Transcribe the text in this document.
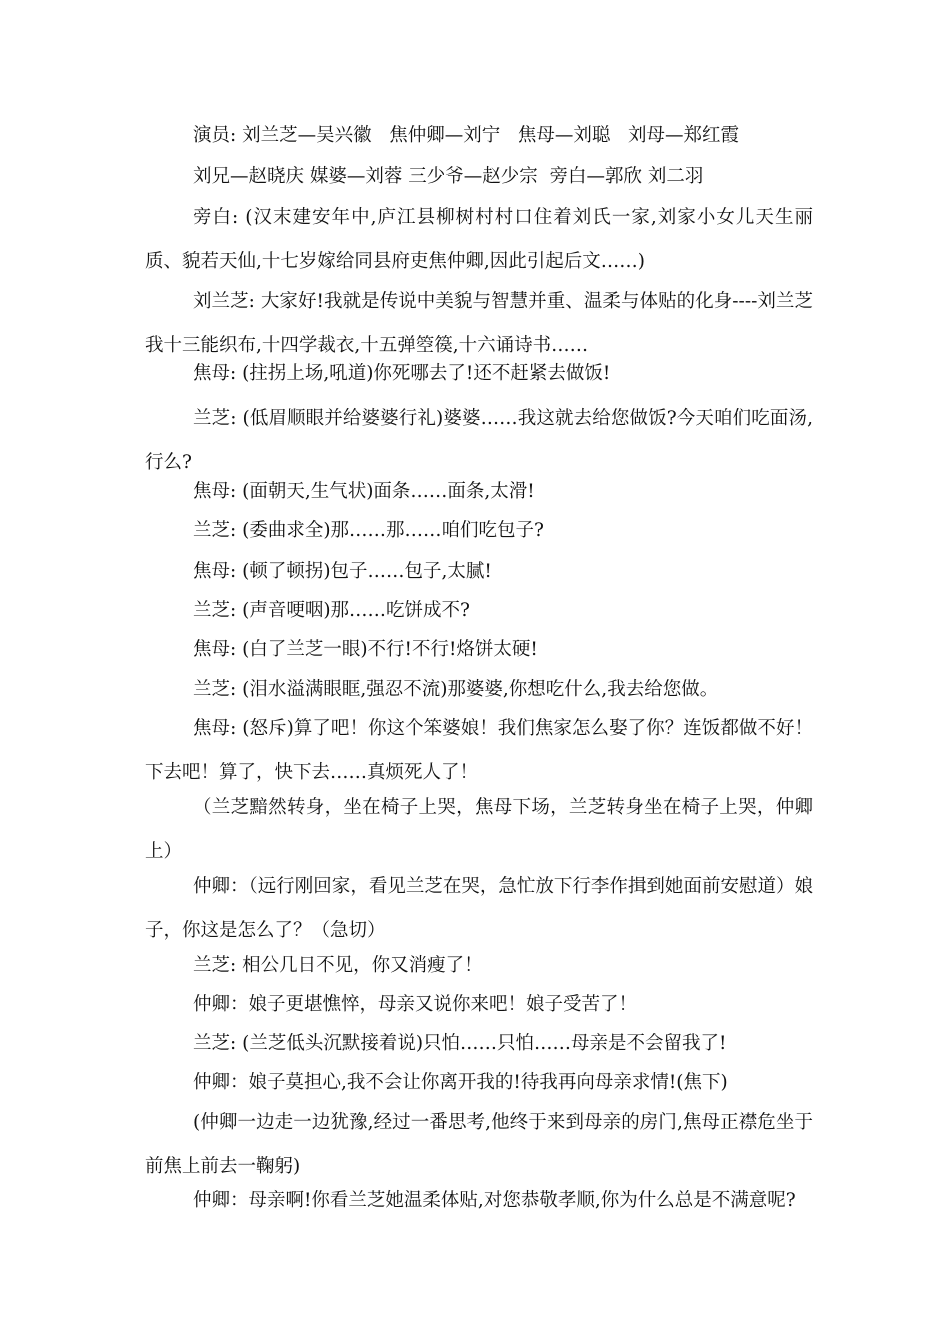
演员: 刘兰芝—吴兴徽   焦仲卿—刘宁   焦母—刘聪   刘母—郑红霞

刘兄—赵晓庆 媒婆—刘蓉 三少爷—赵少宗  旁白—郭欣 刘二羽

旁白: (汉末建安年中,庐江县柳树村村口住着刘氏一家,刘家小女儿天生丽质、貌若天仙,十七岁嫁给同县府吏焦仲卿,因此引起后文……)

刘兰芝: 大家好!我就是传说中美貌与智慧并重、温柔与体贴的化身----刘兰芝我十三能织布,十四学裁衣,十五弹箜篌,十六诵诗书……

焦母: (拄拐上场,吼道)你死哪去了!还不赶紧去做饭!

兰芝: (低眉顺眼并给婆婆行礼)婆婆……我这就去给您做饭?今天咱们吃面汤,行么?

焦母: (面朝天,生气状)面条……面条,太滑!

兰芝: (委曲求全)那……那……咱们吃包子?

焦母: (顿了顿拐)包子……包子,太腻!

兰芝: (声音哽咽)那……吃饼成不?

焦母: (白了兰芝一眼)不行!不行!烙饼太硬!

兰芝: (泪水溢满眼眶,强忍不流)那婆婆,你想吃什么,我去给您做。

焦母: (怒斥)算了吧！你这个笨婆娘！我们焦家怎么娶了你？连饭都做不好！下去吧！算了，快下去……真烦死人了！

（兰芝黯然转身，坐在椅子上哭，焦母下场，兰芝转身坐在椅子上哭，仲卿上）

仲卿：（远行刚回家，看见兰芝在哭，急忙放下行李作揖到她面前安慰道）娘子，你这是怎么了？（急切）

兰芝: 相公几日不见，你又消瘦了！

仲卿：娘子更堪憔悴，母亲又说你来吧！娘子受苦了！

兰芝: (兰芝低头沉默接着说)只怕……只怕……母亲是不会留我了!

仲卿：娘子莫担心,我不会让你离开我的!待我再向母亲求情!(焦下)

(仲卿一边走一边犹豫,经过一番思考,他终于来到母亲的房门,焦母正襟危坐于前焦上前去一鞠躬)

仲卿：母亲啊!你看兰芝她温柔体贴,对您恭敬孝顺,你为什么总是不满意呢?
